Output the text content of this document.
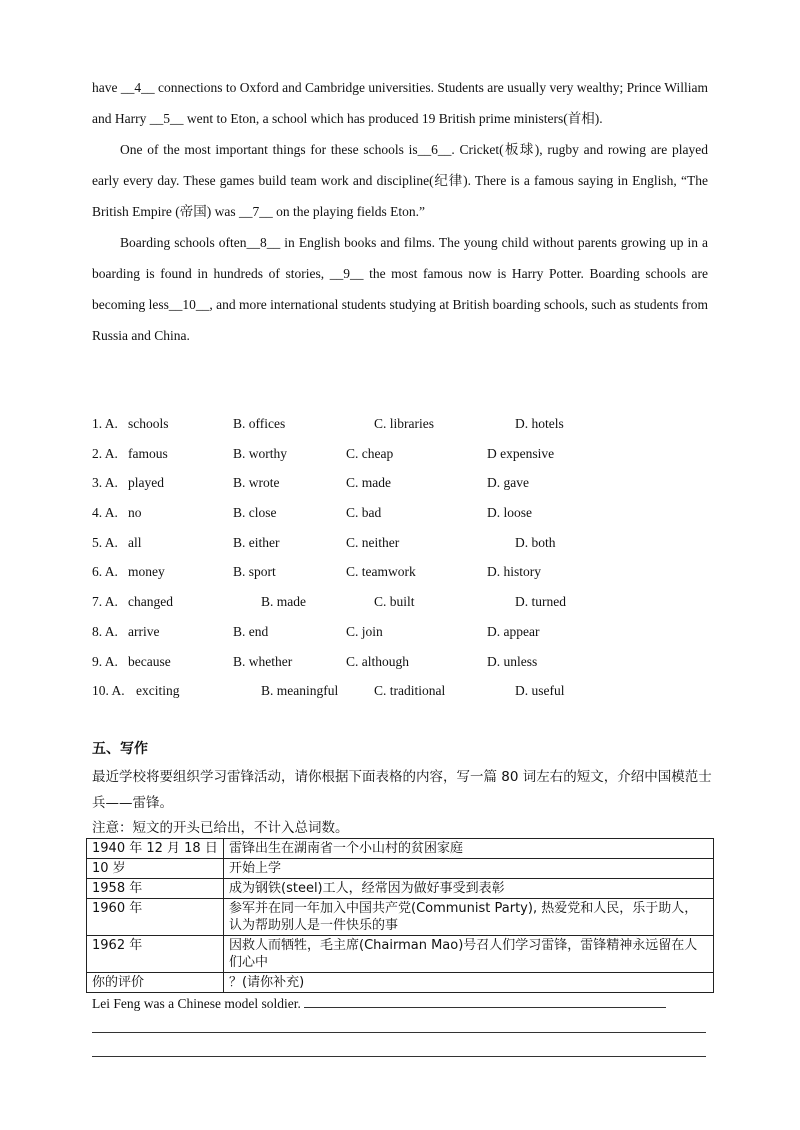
have __4__ connections to Oxford and Cambridge universities. Students are usually very wealthy; Prince William and Harry __5__ went to Eton, a school which has produced 19 British prime ministers(首相).

One of the most important things for these schools is__6__. Cricket(板球), rugby and rowing are played early every day. These games build team work and discipline(纪律). There is a famous saying in English, “The British Empire (帝国) was __7__ on the playing fields Eton.”

Boarding schools often__8__ in English books and films. The young child without parents growing up in a boarding is found in hundreds of stories, __9__ the most famous now is Harry Potter. Boarding schools are becoming less__10__, and more international students studying at British boarding schools, such as students from Russia and China.

1. A. schools	B. offices	C. libraries	D. hotels
2. A. famous	B. worthy	C. cheap	D expensive
3. A. played	B. wrote	C. made	D. gave
4. A. no	B. close	C. bad	D. loose
5. A. all	B. either	C. neither	D. both
6. A. money	B. sport	C. teamwork	D. history
7. A. changed	B. made	C. built	D. turned
8. A. arrive	B. end	C. join	D. appear
9. A. because	B. whether	C. although	D. unless
10. A. exciting	B. meaningful	C. traditional	D. useful
五、写作
最近学校将要组织学习雷锋活动，请你根据下面表格的内容，写一篇 80 词左右的短文，介绍中国模范士兵——雷锋。
注意：短文的开头已给出，不计入总词数。
1940 年 12 月 18 日	雷锋出生在湖南省一个小山村的贫困家庭
10 岁	开始上学
1958 年	成为钢铁(steel)工人，经常因为做好事受到表彰
1960 年	参军并在同一年加入中国共产党(Communist Party), 热爱党和人民，乐于助人，认为帮助别人是一件快乐的事
1962 年	因救人而牺牲，毛主席(Chairman Mao)号召人们学习雷锋，雷锋精神永远留在人们心中
你的评价	？(请你补充)
Lei Feng was a Chinese model soldier.
